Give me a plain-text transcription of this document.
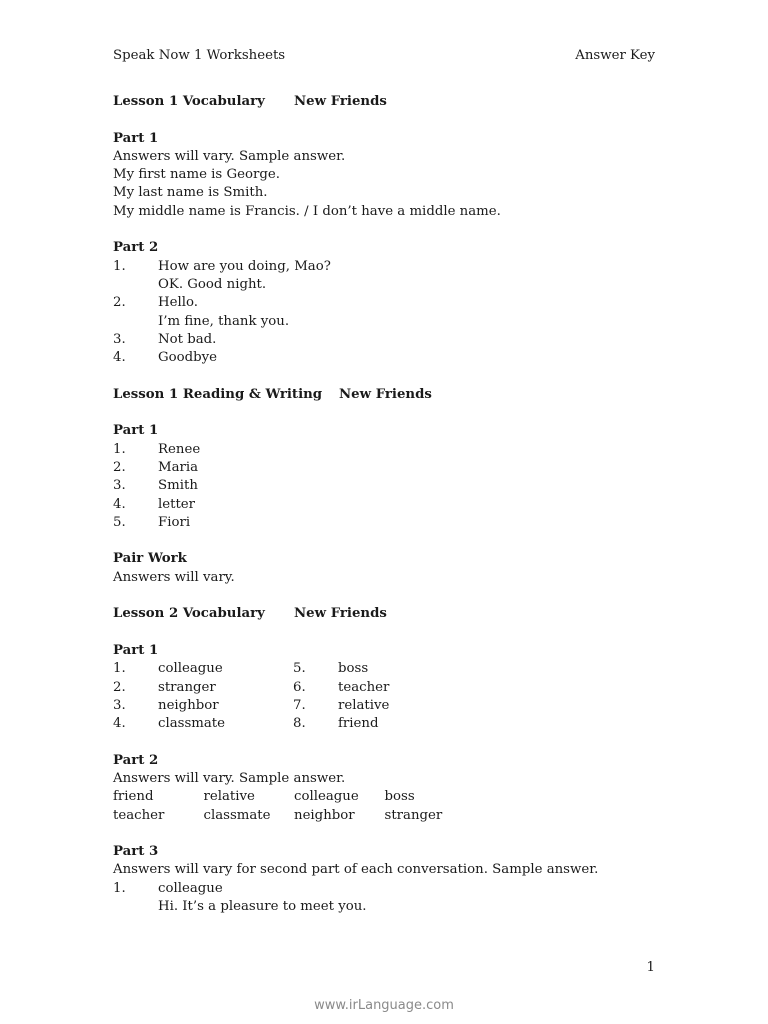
Speak Now 1 Worksheets	Answer Key
Lesson 1 Vocabulary New Friends
Part 1
Answers will vary. Sample answer.
My first name is George.
My last name is Smith.
My middle name is Francis. / I don’t have a middle name.
Part 2
1.	How are you doing, Mao?
OK. Good night.
2.	Hello.
I’m fine, thank you.
3.	Not bad.
4.	Goodbye
Lesson 1 Reading & Writing New Friends
Part 1
1.	Renee
2.	Maria
3.	Smith
4.	letter
5.	Fiori
Pair Work
Answers will vary.
Lesson 2 Vocabulary New Friends
Part 1
1.	colleague	5.	boss
2.	stranger	6.	teacher
3.	neighbor	7.	relative
4.	classmate	8.	friend
Part 2
Answers will vary. Sample answer.
friend	relative	colleague	boss
teacher	classmate	neighbor	stranger
Part 3
Answers will vary for second part of each conversation. Sample answer.
1.	colleague
Hi. It’s a pleasure to meet you.
1
www.irLanguage.com
